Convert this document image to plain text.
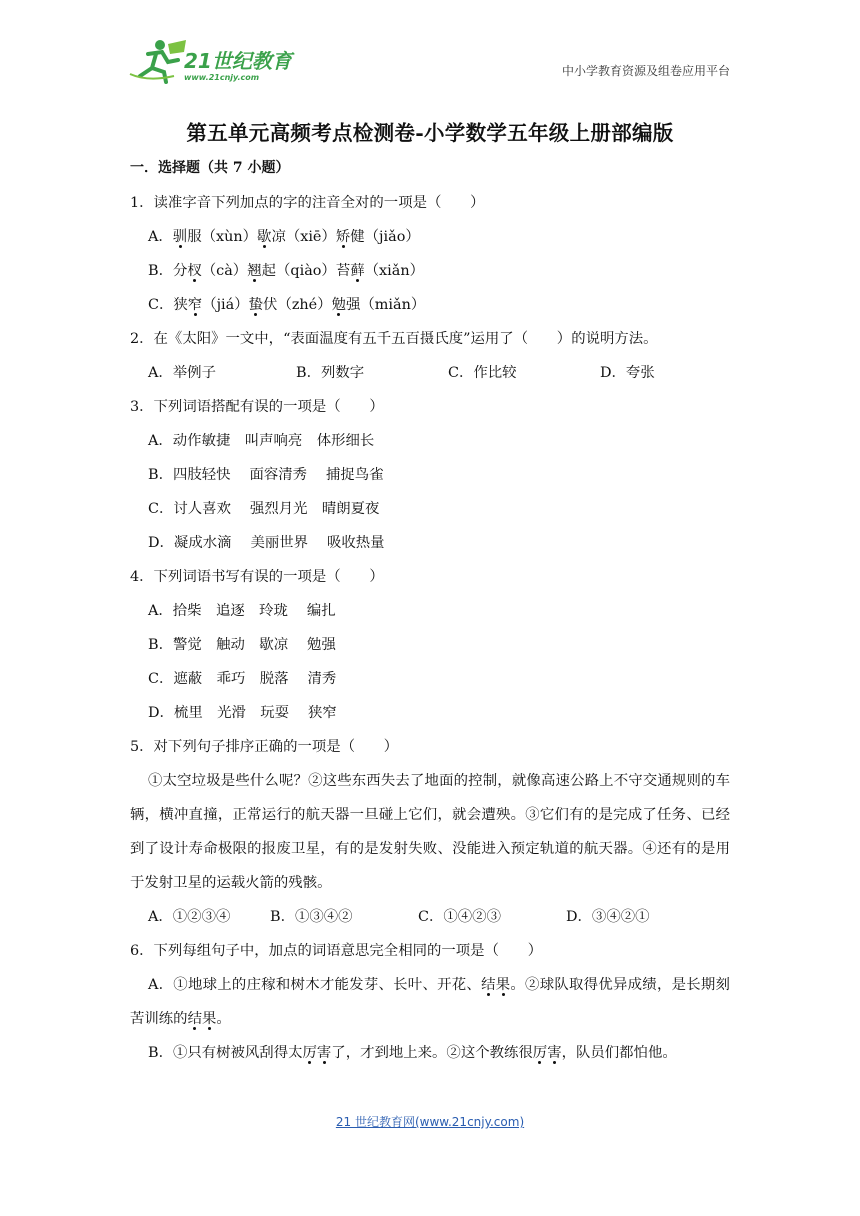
21世纪教育
www.21cnjy.com	中小学教育资源及组卷应用平台
第五单元高频考点检测卷-小学数学五年级上册部编版
一．选择题（共 7 小题）
1．读准字音下列加点的字的注音全对的一项是（　　）
A．驯服（xùn）歇凉（xiē）矫健（jiǎo）
B．分杈（cà）翘起（qiào）苔藓（xiǎn）
C．狭窄（jiá）蛰伏（zhé）勉强（miǎn）
2．在《太阳》一文中，“表面温度有五千五百摄氏度”运用了（　　）的说明方法。
A．举例子	B．列数字	C．作比较	D．夸张
3．下列词语搭配有误的一项是（　　）
A．动作敏捷　叫声响亮　体形细长
B．四肢轻快　 面容清秀　 捕捉鸟雀
C．讨人喜欢　 强烈月光　晴朗夏夜
D．凝成水滴　 美丽世界　 吸收热量
4．下列词语书写有误的一项是（　　）
A．拾柴　追逐　玲珑　 编扎
B．警觉　触动　歇凉　 勉强
C．遮蔽　乖巧　脱落　 清秀
D．梳里　光滑　玩耍　 狭窄
5．对下列句子排序正确的一项是（　　）
①太空垃圾是些什么呢？②这些东西失去了地面的控制，就像高速公路上不守交通规则的车辆，横冲直撞，正常运行的航天器一旦碰上它们，就会遭殃。③它们有的是完成了任务、已经到了设计寿命极限的报废卫星，有的是发射失败、没能进入预定轨道的航天器。④还有的是用于发射卫星的运载火箭的残骸。
A．①②③④	B．①③④②	C．①④②③	D．③④②①
6．下列每组句子中，加点的词语意思完全相同的一项是（　　）
A．①地球上的庄稼和树木才能发芽、长叶、开花、结果。②球队取得优异成绩，是长期刻苦训练的结果。
B．①只有树被风刮得太厉害了，才到地上来。②这个教练很厉害，队员们都怕他。
21 世纪教育网(www.21cnjy.com)
